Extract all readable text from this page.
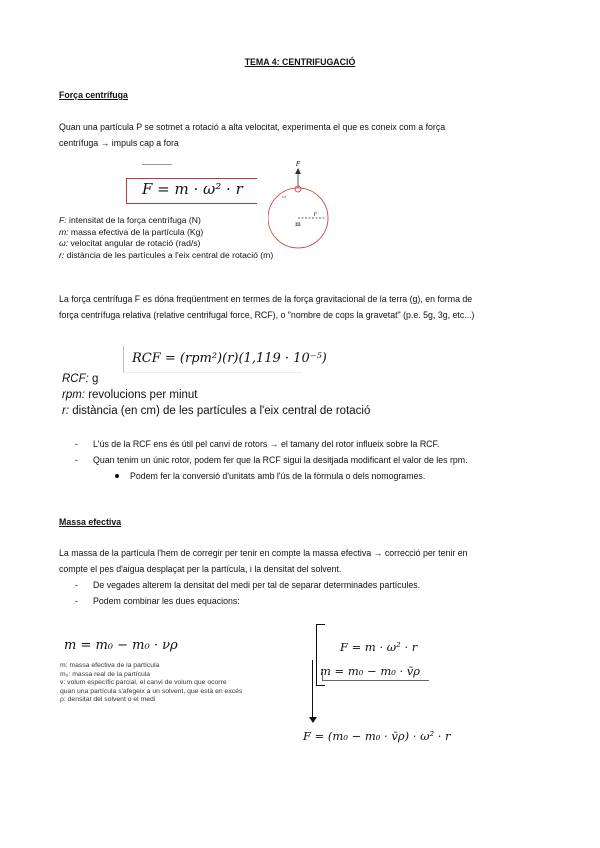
TEMA 4: CENTRIFUGACIÓ
Força centrífuga
Quan una partícula P se sotmet a rotació a alta velocitat, experimenta el que es coneix com a força
centrífuga → impuls cap a fora
F = m · ω² · r
F: intensitat de la força centrífuga (N)
m: massa efectiva de la partícula (Kg)
ω: velocitat angular de rotació (rad/s)
r: distància de les partícules a l'eix central de rotació (m)
F
m
r
ω
La força centrífuga F es dóna freqüentment en termes de la força gravitacional de la terra (g), en forma de
força centrífuga relativa (relative centrifugal force, RCF), o "nombre de cops la gravetat" (p.e. 5g, 3g, etc...)
RCF = (rpm²)(r)(1,119 · 10⁻⁵)
RCF: g
rpm: revolucions per minut
r: distància (en cm) de les partícules a l'eix central de rotació
- L'ús de la RCF ens és útil pel canvi de rotors → el tamany del rotor influeix sobre la RCF.
- Quan tenim un únic rotor, podem fer que la RCF sigui la desitjada modificant el valor de les rpm.
Podem fer la conversió d'unitats amb l'ús de la fòrmula o dels nomogrames.
Massa efectiva
La massa de la partícula l'hem de corregir per tenir en compte la massa efectiva → correcció per tenir en
compte el pes d'aigua desplaçat per la partícula, i la densitat del solvent.
- De vegades alterem la densitat del medi per tal de separar determinades partícules.
- Podem combinar les dues equacions:
m = m₀ − m₀ · νρ
m: massa efectiva de la partícula
m₀: massa real de la partícula
ν: volum específic parcial, el canvi de volum que ocorre
quan una partícula s'afegeix a un solvent, que està en excés
ρ: densitat del solvent o el medi
F = m · ω² · r
m = m₀ − m₀ · v̄ρ
F = (m₀ − m₀ · v̄ρ) · ω² · r
